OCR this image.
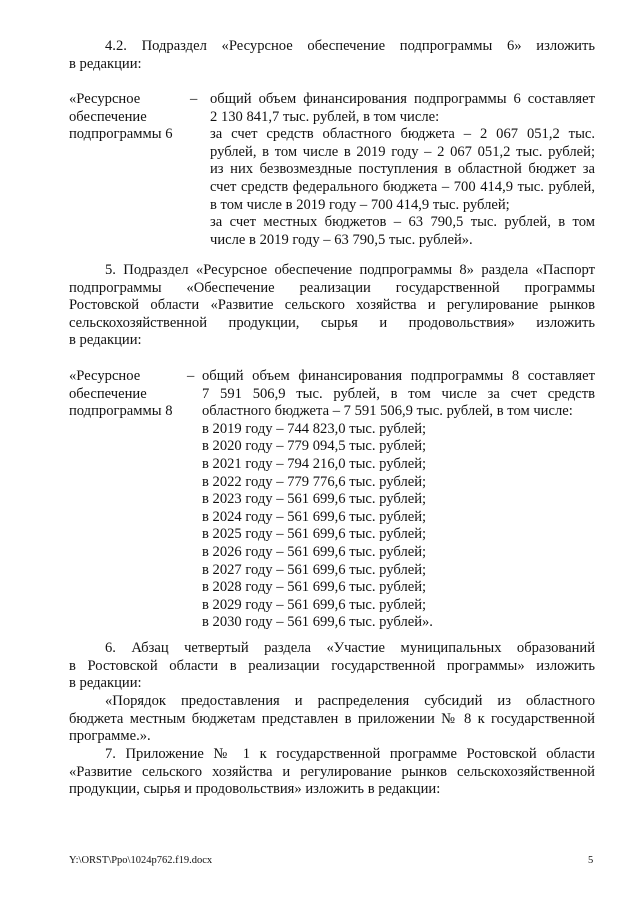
4.2. Подраздел «Ресурсное обеспечение подпрограммы 6» изложить
в редакции:
«Ресурсное
обеспечение
подпрограммы 6
– общий объем финансирования подпрограммы 6 составляет
2 130 841,7 тыс. рублей, в том числе:
за счет средств областного бюджета – 2 067 051,2 тыс.
рублей, в том числе в 2019 году – 2 067 051,2 тыс. рублей;
из них безвозмездные поступления в областной бюджет за
счет средств федерального бюджета – 700 414,9 тыс. рублей,
в том числе в 2019 году – 700 414,9 тыс. рублей;
за счет местных бюджетов – 63 790,5 тыс. рублей, в том
числе в 2019 году – 63 790,5 тыс. рублей».
5. Подраздел «Ресурсное обеспечение подпрограммы 8» раздела «Паспорт
подпрограммы «Обеспечение реализации государственной программы
Ростовской области «Развитие сельского хозяйства и регулирование рынков
сельскохозяйственной продукции, сырья и продовольствия» изложить
в редакции:
«Ресурсное
обеспечение
подпрограммы 8
– общий объем финансирования подпрограммы 8 составляет
7 591 506,9 тыс. рублей, в том числе за счет средств
областного бюджета – 7 591 506,9 тыс. рублей, в том числе:
в 2019 году – 744 823,0 тыс. рублей;
в 2020 году – 779 094,5 тыс. рублей;
в 2021 году – 794 216,0 тыс. рублей;
в 2022 году – 779 776,6 тыс. рублей;
в 2023 году – 561 699,6 тыс. рублей;
в 2024 году – 561 699,6 тыс. рублей;
в 2025 году – 561 699,6 тыс. рублей;
в 2026 году – 561 699,6 тыс. рублей;
в 2027 году – 561 699,6 тыс. рублей;
в 2028 году – 561 699,6 тыс. рублей;
в 2029 году – 561 699,6 тыс. рублей;
в 2030 году – 561 699,6 тыс. рублей».
6. Абзац четвертый раздела «Участие муниципальных образований
в Ростовской области в реализации государственной программы» изложить
в редакции:
«Порядок предоставления и распределения субсидий из областного
бюджета местным бюджетам представлен в приложении № 8 к государственной
программе.».
7. Приложение № 1 к государственной программе Ростовской области
«Развитие сельского хозяйства и регулирование рынков сельскохозяйственной
продукции, сырья и продовольствия» изложить в редакции:
Y:\ORST\Ppo\1024p762.f19.docx	5
